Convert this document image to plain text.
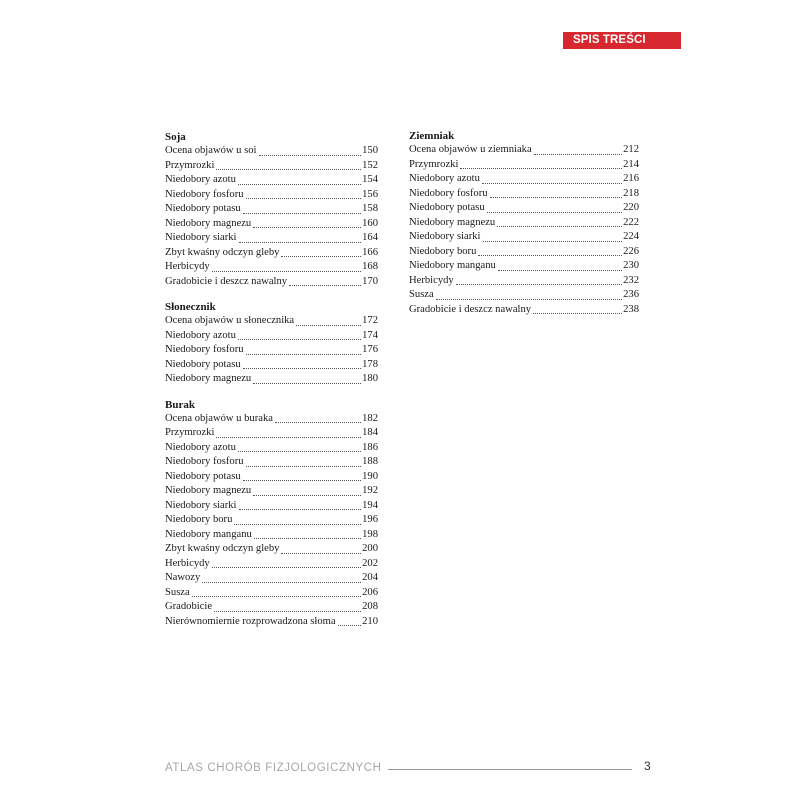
SPIS TREŚCI
Soja
Ocena objawów u soi	150
Przymrozki	152
Niedobory azotu	154
Niedobory fosforu	156
Niedobory potasu	158
Niedobory magnezu	160
Niedobory siarki	164
Zbyt kwaśny odczyn gleby	166
Herbicydy	168
Gradobicie i deszcz nawalny	170
Słonecznik
Ocena objawów u słonecznika	172
Niedobory azotu	174
Niedobory fosforu	176
Niedobory potasu	178
Niedobory magnezu	180
Burak
Ocena objawów u buraka	182
Przymrozki	184
Niedobory azotu	186
Niedobory fosforu	188
Niedobory potasu	190
Niedobory magnezu	192
Niedobory siarki	194
Niedobory boru	196
Niedobory manganu	198
Zbyt kwaśny odczyn gleby	200
Herbicydy	202
Nawozy	204
Susza	206
Gradobicie	208
Nierównomiernie rozprowadzona słoma 210
Ziemniak
Ocena objawów u ziemniaka	212
Przymrozki	214
Niedobory azotu	216
Niedobory fosforu	218
Niedobory potasu	220
Niedobory magnezu	222
Niedobory siarki	224
Niedobory boru	226
Niedobory manganu	230
Herbicydy	232
Susza	236
Gradobicie i deszcz nawalny	238
ATLAS CHORÓB FIZJOLOGICZNYCH	3
